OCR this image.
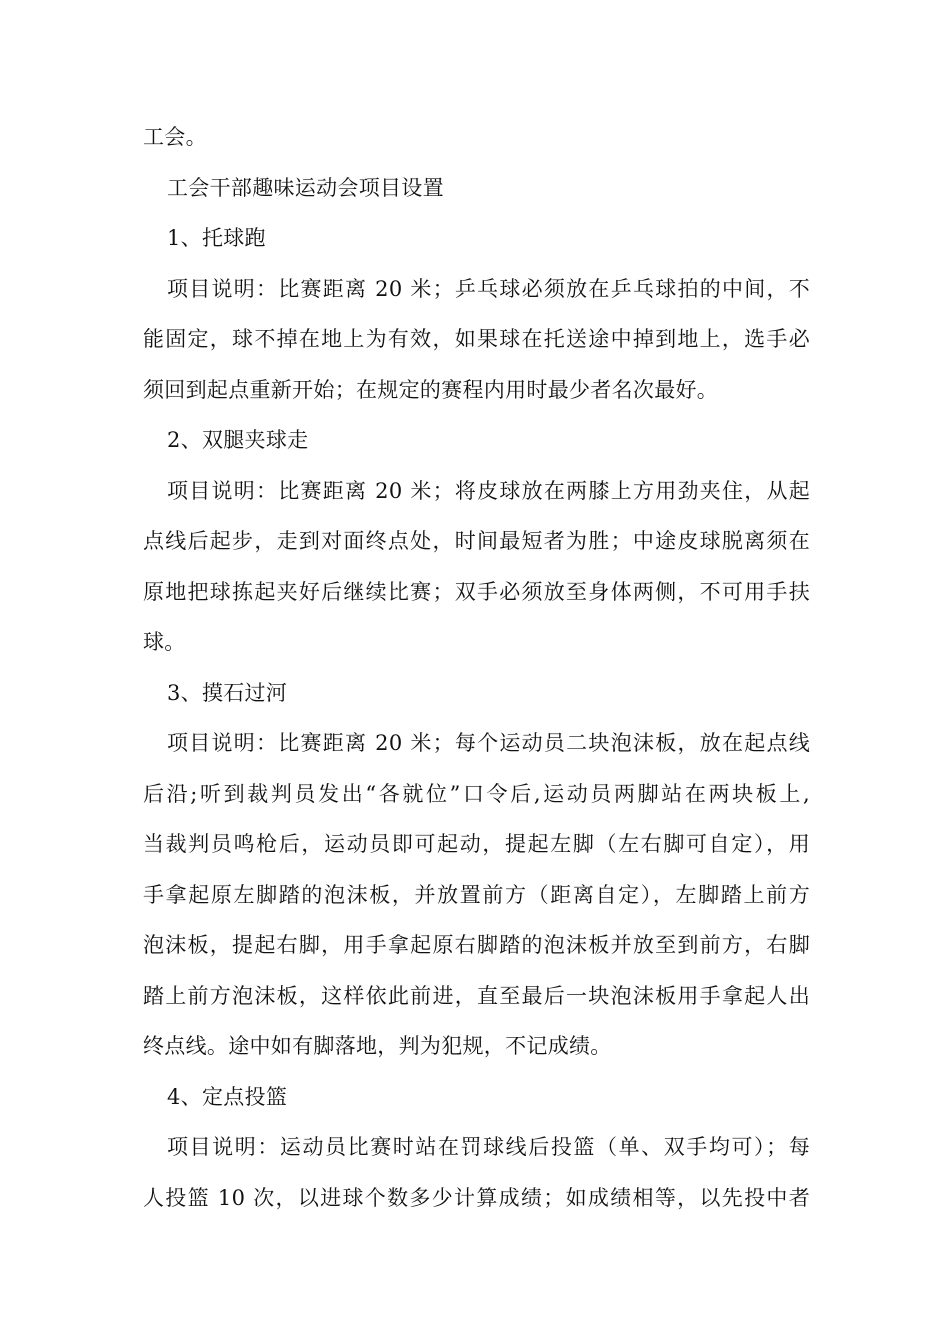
工会。
工会干部趣味运动会项目设置
1、托球跑
项目说明：比赛距离 20 米；乒乓球必须放在乒乓球拍的中间，不
能固定，球不掉在地上为有效，如果球在托送途中掉到地上，选手必
须回到起点重新开始；在规定的赛程内用时最少者名次最好。
2、双腿夹球走
项目说明：比赛距离 20 米；将皮球放在两膝上方用劲夹住，从起
点线后起步，走到对面终点处，时间最短者为胜；中途皮球脱离须在
原地把球拣起夹好后继续比赛；双手必须放至身体两侧，不可用手扶
球。
3、摸石过河
项目说明：比赛距离 20 米；每个运动员二块泡沫板，放在起点线
后沿;听到裁判员发出“各就位”口令后,运动员两脚站在两块板上,
当裁判员鸣枪后，运动员即可起动，提起左脚（左右脚可自定），用
手拿起原左脚踏的泡沫板，并放置前方（距离自定），左脚踏上前方
泡沫板，提起右脚，用手拿起原右脚踏的泡沫板并放至到前方，右脚
踏上前方泡沫板，这样依此前进，直至最后一块泡沫板用手拿起人出
终点线。途中如有脚落地，判为犯规，不记成绩。
4、定点投篮
项目说明：运动员比赛时站在罚球线后投篮（单、双手均可）；每
人投篮 10 次，以进球个数多少计算成绩；如成绩相等，以先投中者
